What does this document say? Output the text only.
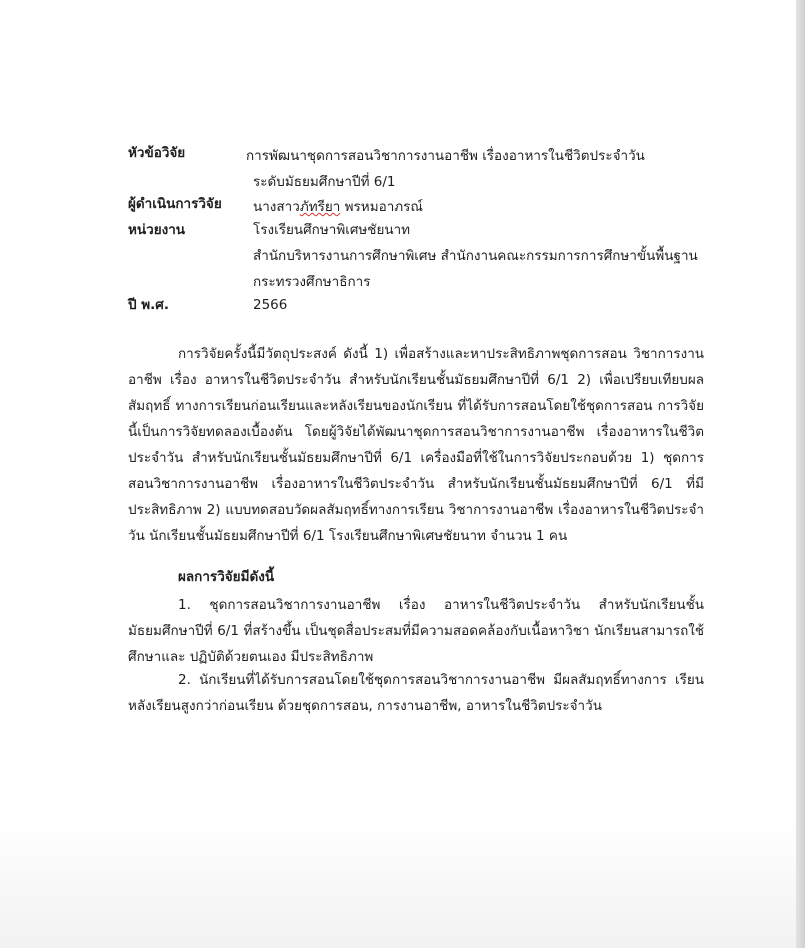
หัวข้อวิจัย	การพัฒนาชุดการสอนวิชาการงานอาชีพ เรื่องอาหารในชีวิตประจำวัน
ระดับมัธยมศึกษาปีที่ 6/1
ผู้ดำเนินการวิจัย นางสาวภัทรียา พรหมอาภรณ์
หน่วยงาน	โรงเรียนศึกษาพิเศษชัยนาท
สำนักบริหารงานการศึกษาพิเศษ สำนักงานคณะกรรมการการศึกษาขั้นพื้นฐาน
กระทรวงศึกษาธิการ
ปี พ.ศ.	2566

การวิจัยครั้งนี้มีวัตถุประสงค์ ดังนี้ 1) เพื่อสร้างและหาประสิทธิภาพชุดการสอน วิชาการงานอาชีพ เรื่อง อาหารในชีวิตประจำวัน สำหรับนักเรียนชั้นมัธยมศึกษาปีที่ 6/1 2) เพื่อเปรียบเทียบผลสัมฤทธิ์ ทางการเรียนก่อนเรียนและหลังเรียนของนักเรียน ที่ได้รับการสอนโดยใช้ชุดการสอน การวิจัยนี้เป็นการวิจัยทดลองเบื้องต้น โดยผู้วิจัยได้พัฒนาชุดการสอนวิชาการงานอาชีพ เรื่องอาหารในชีวิตประจำวัน สำหรับนักเรียนชั้นมัธยมศึกษาปีที่ 6/1 เครื่องมือที่ใช้ในการวิจัยประกอบด้วย 1) ชุดการสอนวิชาการงานอาชีพ เรื่องอาหารในชีวิตประจำวัน สำหรับนักเรียนชั้นมัธยมศึกษาปีที่ 6/1 ที่มีประสิทธิภาพ 2) แบบทดสอบวัดผลสัมฤทธิ์ทางการเรียน วิชาการงานอาชีพ เรื่องอาหารในชีวิตประจำวัน นักเรียนชั้นมัธยมศึกษาปีที่ 6/1 โรงเรียนศึกษาพิเศษชัยนาท จำนวน 1 คน

ผลการวิจัยมีดังนี้

1. ชุดการสอนวิชาการงานอาชีพ เรื่อง อาหารในชีวิตประจำวัน สำหรับนักเรียนชั้นมัธยมศึกษาปีที่ 6/1 ที่สร้างขึ้น เป็นชุดสื่อประสมที่มีความสอดคล้องกับเนื้อหาวิชา นักเรียนสามารถใช้ศึกษาและ ปฏิบัติด้วยตนเอง มีประสิทธิภาพ

2. นักเรียนที่ได้รับการสอนโดยใช้ชุดการสอนวิชาการงานอาชีพ มีผลสัมฤทธิ์ทางการ เรียนหลังเรียนสูงกว่าก่อนเรียน ด้วยชุดการสอน, การงานอาชีพ, อาหารในชีวิตประจำวัน
